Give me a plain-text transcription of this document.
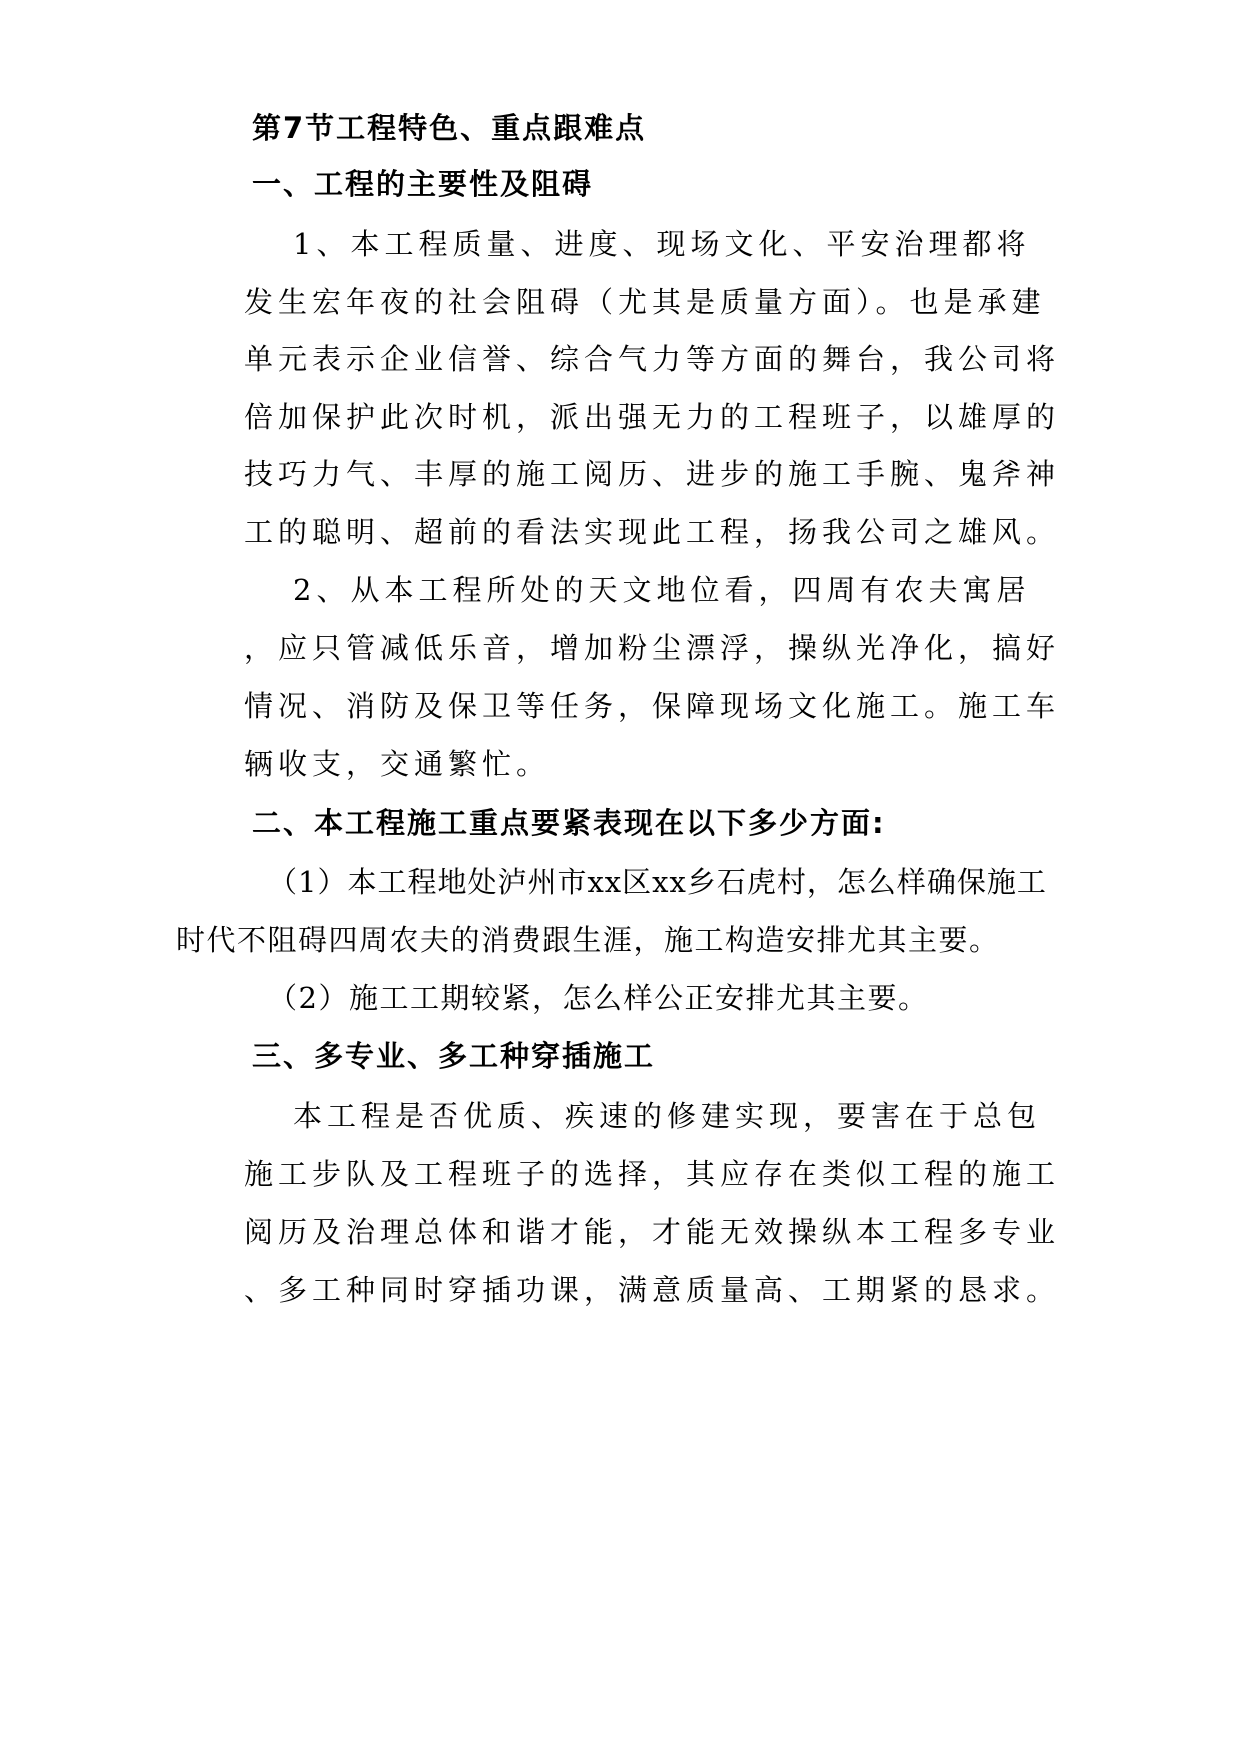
第7节工程特色、重点跟难点
一、工程的主要性及阻碍
1、本工程质量、进度、现场文化、平安治理都将
发生宏年夜的社会阻碍（尤其是质量方面）。也是承建
单元表示企业信誉、综合气力等方面的舞台，我公司将
倍加保护此次时机，派出强无力的工程班子，以雄厚的
技巧力气、丰厚的施工阅历、进步的施工手腕、鬼斧神
工的聪明、超前的看法实现此工程，扬我公司之雄风。
2、从本工程所处的天文地位看，四周有农夫寓居
，应只管减低乐音，增加粉尘漂浮，操纵光净化，搞好
情况、消防及保卫等任务，保障现场文化施工。施工车
辆收支，交通繁忙。
二、本工程施工重点要紧表现在以下多少方面:
（1）本工程地处泸州市xx区xx乡石虎村，怎么样确保施工
时代不阻碍四周农夫的消费跟生涯，施工构造安排尤其主要。
（2）施工工期较紧，怎么样公正安排尤其主要。
三、多专业、多工种穿插施工
本工程是否优质、疾速的修建实现，要害在于总包
施工步队及工程班子的选择，其应存在类似工程的施工
阅历及治理总体和谐才能，才能无效操纵本工程多专业
、多工种同时穿插功课，满意质量高、工期紧的恳求。
